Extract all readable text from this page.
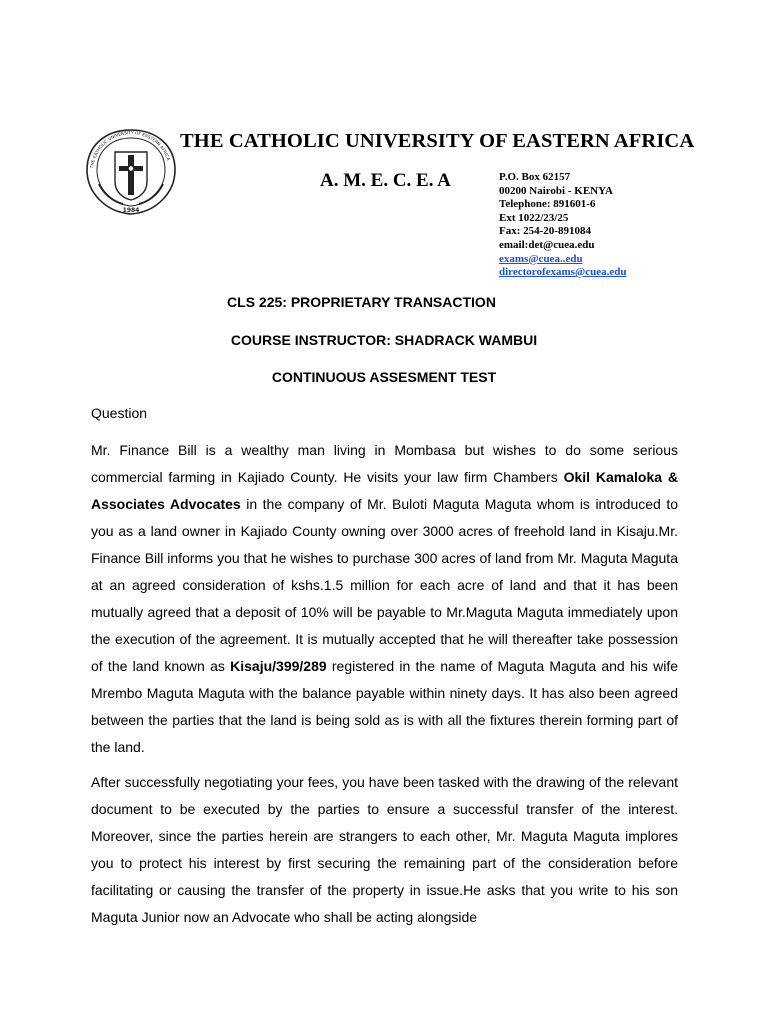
THE CATHOLIC UNIVERSITY OF EASTERN AFRICA
1984
THE CATHOLIC UNIVERSITY OF EASTERN AFRICA
A. M. E. C. E. A	P.O. Box 62157
00200 Nairobi - KENYA
Telephone: 891601-6
Ext 1022/23/25
Fax: 254-20-891084
email:det@cuea.edu
exams@cuea..edu
directorofexams@cuea.edu
CLS 225: PROPRIETARY TRANSACTION
COURSE INSTRUCTOR: SHADRACK WAMBUI
CONTINUOUS ASSESMENT TEST
Question

Mr. Finance Bill is a wealthy man living in Mombasa but wishes to do some serious commercial farming in Kajiado County. He visits your law firm Chambers Okil Kamaloka & Associates Advocates in the company of Mr. Buloti Maguta Maguta whom is introduced to you as a land owner in Kajiado County owning over 3000 acres of freehold land in Kisaju.Mr. Finance Bill informs you that he wishes to purchase 300 acres of land from Mr. Maguta Maguta at an agreed consideration of kshs.1.5 million for each acre of land and that it has been mutually agreed that a deposit of 10% will be payable to Mr.Maguta Maguta immediately upon the execution of the agreement. It is mutually accepted that he will thereafter take possession of the land known as Kisaju/399/289 registered in the name of Maguta Maguta and his wife Mrembo Maguta Maguta with the balance payable within ninety days. It has also been agreed between the parties that the land is being sold as is with all the fixtures therein forming part of the land.

After successfully negotiating your fees, you have been tasked with the drawing of the relevant document to be executed by the parties to ensure a successful transfer of the interest. Moreover, since the parties herein are strangers to each other, Mr. Maguta Maguta implores you to protect his interest by first securing the remaining part of the consideration before facilitating or causing the transfer of the property in issue.He asks that you write to his son Maguta Junior now an Advocate who shall be acting alongside
